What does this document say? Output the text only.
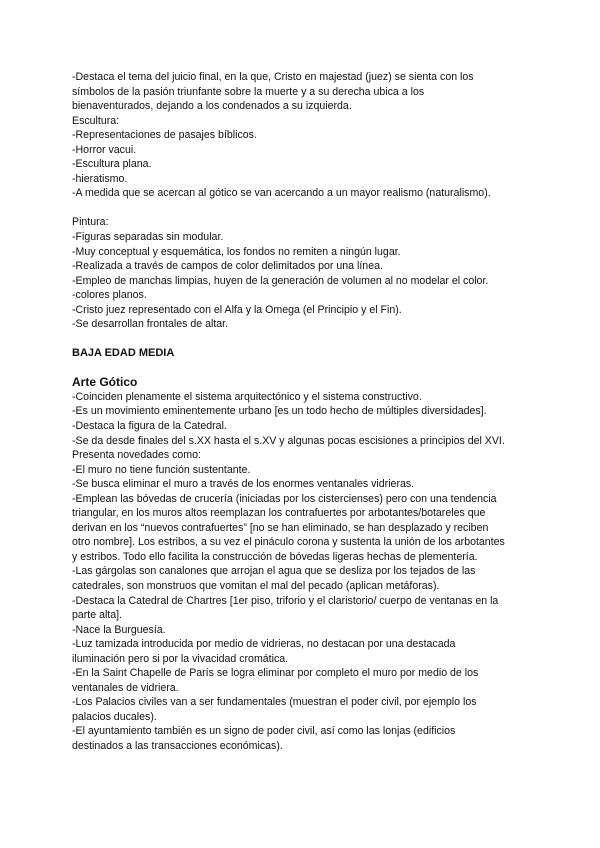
-Destaca el tema del juicio final, en la que, Cristo en majestad (juez) se sienta con los
símbolos de la pasión triunfante sobre la muerte y a su derecha ubica a los
bienaventurados, dejando a los condenados a su izquierda.
Escultura:
-Representaciones de pasajes bíblicos.
-Horror vacui.
-Escultura plana.
-hieratismo.
-A medida que se acercan al gótico se van acercando a un mayor realismo (naturalismo).
Pintura:
-Figuras separadas sin modular.
-Muy conceptual y esquemática, los fondos no remiten a ningún lugar.
-Realizada a través de campos de color delimitados por una línea.
-Empleo de manchas limpias, huyen de la generación de volumen al no modelar el color.
-colores planos.
-Cristo juez representado con el Alfa y la Omega (el Principio y el Fin).
-Se desarrollan frontales de altar.
BAJA EDAD MEDIA
Arte Gótico
-Coinciden plenamente el sistema arquitectónico y el sistema constructivo.
-Es un movimiento eminentemente urbano [es un todo hecho de múltiples diversidades].
-Destaca la figura de la Catedral.
-Se da desde finales del s.XX hasta el s.XV y algunas pocas escisiones a principios del XVI.
Presenta novedades como:
-El muro no tiene función sustentante.
-Se busca eliminar el muro a través de los enormes ventanales vidrieras.
-Emplean las bóvedas de crucería (iniciadas por los cistercienses) pero con una tendencia
triangular, en los muros altos reemplazan los contrafuertes por arbotantes/botareles que
derivan en los “nuevos contrafuertes” [no se han eliminado, se han desplazado y reciben
otro nombre]. Los estribos, a su vez el pináculo corona y sustenta la unión de los arbotantes
y estribos. Todo ello facilita la construcción de bóvedas ligeras hechas de plementería.
-Las gárgolas son canalones que arrojan el agua que se desliza por los tejados de las
catedrales, son monstruos que vomitan el mal del pecado (aplican metáforas).
-Destaca la Catedral de Chartres [1er piso, triforio y el claristorio/ cuerpo de ventanas en la
parte alta].
-Nace la Burguesía.
-Luz tamizada introducida por medio de vidrieras, no destacan por una destacada
iluminación pero si por la vivacidad cromática.
-En la Saint Chapelle de París se logra eliminar por completo el muro por medio de los
ventanales de vidriera.
-Los Palacios civiles van a ser fundamentales (muestran el poder civil, por ejemplo los
palacios ducales).
-El ayuntamiento también es un signo de poder civil, así como las lonjas (edificios
destinados a las transacciones económicas).
